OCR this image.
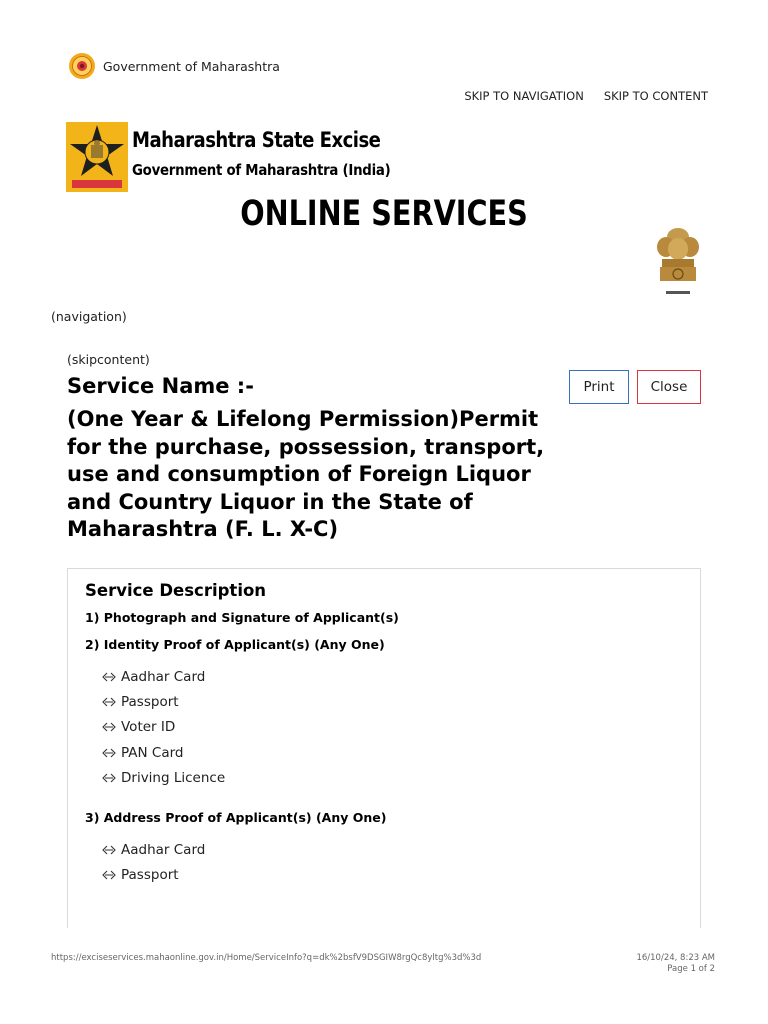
Government of Maharashtra
SKIP TO NAVIGATION SKIP TO CONTENT
Maharashtra State Excise
Government of Maharashtra (India)
ONLINE SERVICES
(navigation)
(skipcontent)
Service Name :-
(One Year & Lifelong Permission)Permit for the purchase, possession, transport, use and consumption of Foreign Liquor and Country Liquor in the State of Maharashtra (F. L. X-C)
Print	Close
Service Description
1) Photograph and Signature of Applicant(s)
2) Identity Proof of Applicant(s) (Any One)
Aadhar Card
Passport
Voter ID
PAN Card
Driving Licence
3) Address Proof of Applicant(s) (Any One)
Aadhar Card
Passport
https://exciseservices.mahaonline.gov.in/Home/ServiceInfo?q=dk%2bsfV9DSGIW8rgQc8yltg%3d%3d	16/10/24, 8:23 AM
Page 1 of 2
